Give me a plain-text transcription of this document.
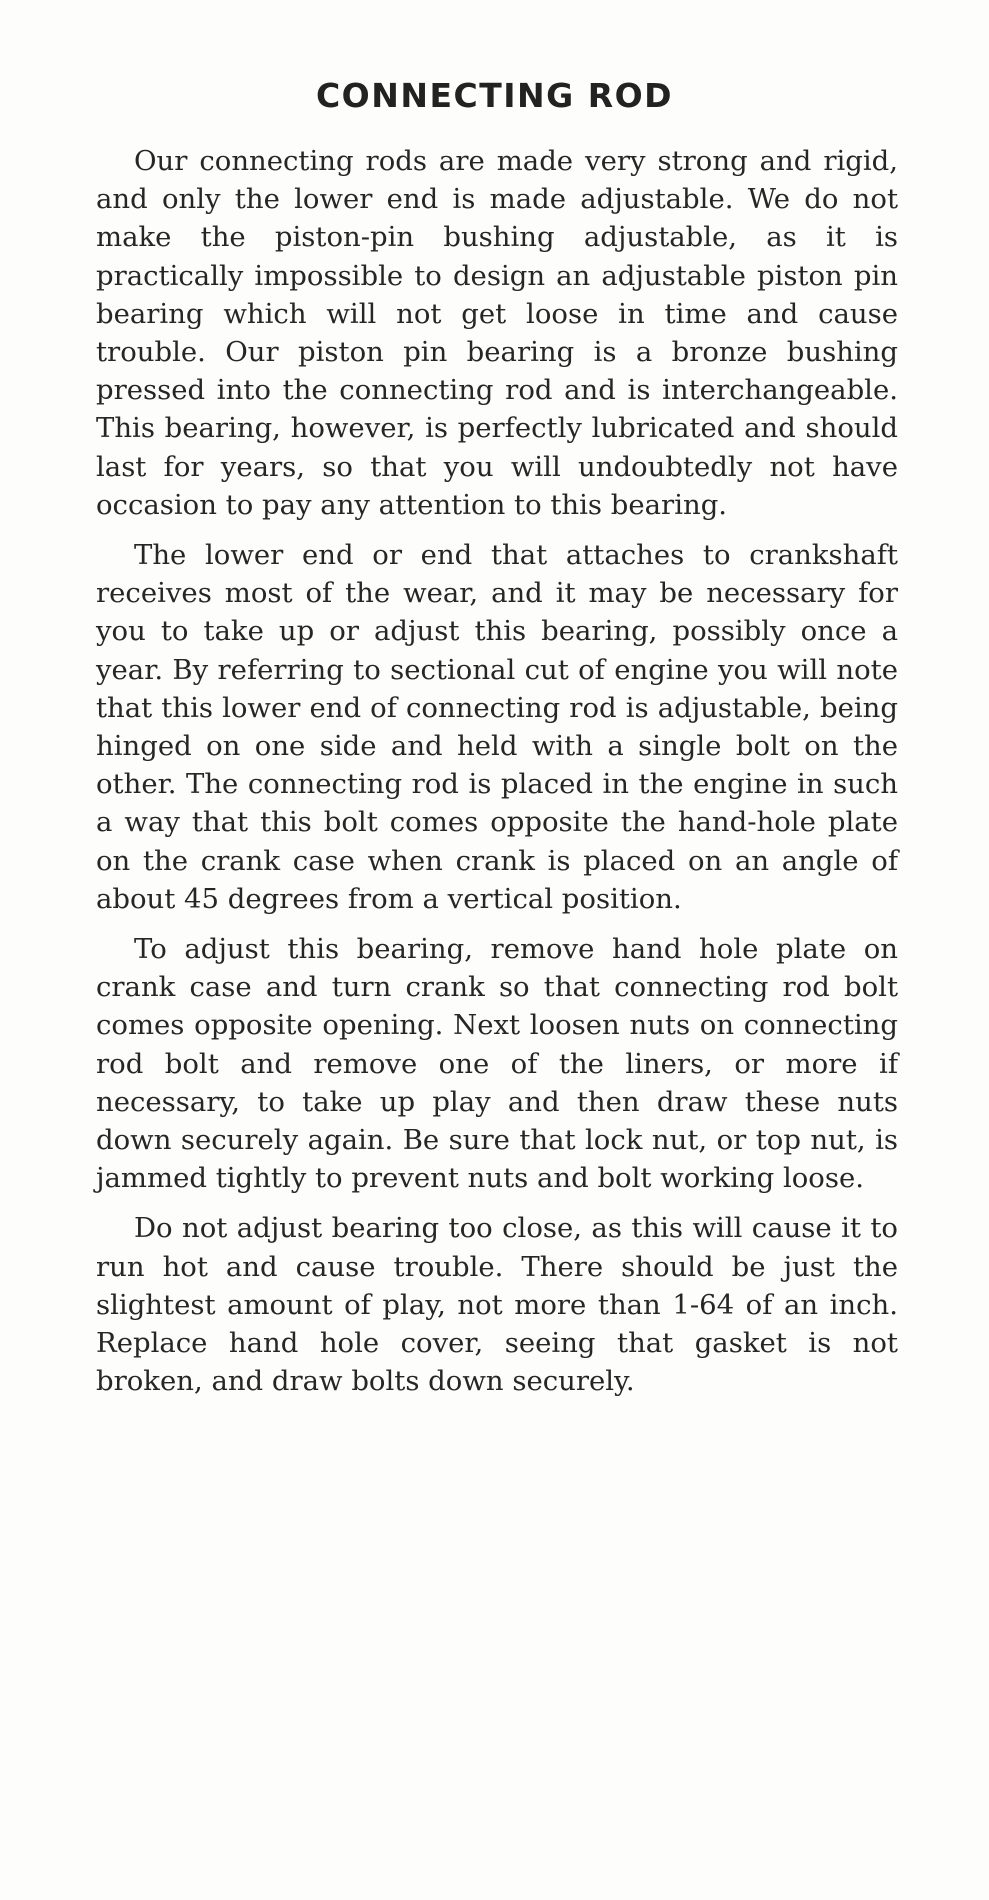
CONNECTING ROD

Our connecting rods are made very strong and rigid, and only the lower end is made adjustable. We do not make the piston-pin bushing adjustable, as it is practically impossible to design an adjustable piston pin bearing which will not get loose in time and cause trouble. Our piston pin bearing is a bronze bushing pressed into the connecting rod and is interchangeable. This bearing, however, is perfectly lubricated and should last for years, so that you will undoubtedly not have occasion to pay any attention to this bearing.

The lower end or end that attaches to crankshaft receives most of the wear, and it may be necessary for you to take up or adjust this bearing, possibly once a year. By referring to sectional cut of engine you will note that this lower end of connecting rod is adjustable, being hinged on one side and held with a single bolt on the other. The connecting rod is placed in the engine in such a way that this bolt comes opposite the hand-hole plate on the crank case when crank is placed on an angle of about 45 degrees from a vertical position.

To adjust this bearing, remove hand hole plate on crank case and turn crank so that connecting rod bolt comes opposite opening. Next loosen nuts on connecting rod bolt and remove one of the liners, or more if necessary, to take up play and then draw these nuts down securely again. Be sure that lock nut, or top nut, is jammed tightly to prevent nuts and bolt working loose.

Do not adjust bearing too close, as this will cause it to run hot and cause trouble. There should be just the slightest amount of play, not more than 1-64 of an inch. Replace hand hole cover, seeing that gasket is not broken, and draw bolts down securely.
